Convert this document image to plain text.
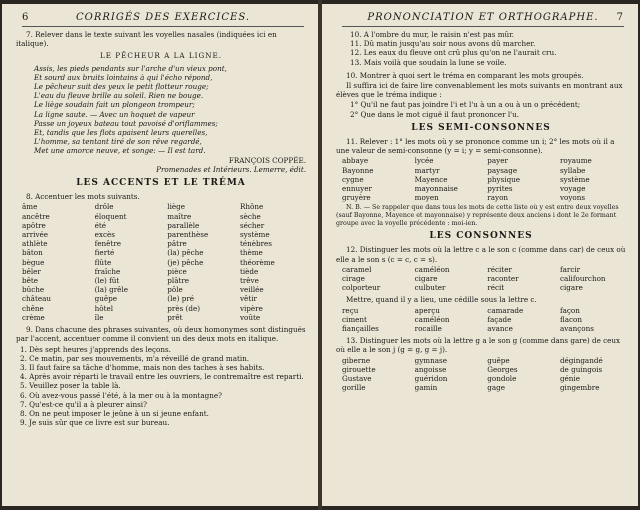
6	CORRIGÉS DES EXERCICES.

7. Relever dans le texte suivant les voyelles nasales (indiquées ici en italique).

LE PÊCHEUR A LA LIGNE.
Assis, les pieds pendants sur l'arche d'un vieux pont,
Et sourd aux bruits lointains à qui l'écho répond,
Le pêcheur suit des yeux le petit flotteur rouge;
L'eau du fleuve brille au soleil. Rien ne bouge.
Le liège soudain fait un plongeon trompeur;
La ligne saute. — Avec un hoquet de vapeur
Passe un joyeux bateau tout pavoisé d'oriflammes;
Et, tandis que les flots apaisent leurs querelles,
L'homme, sa tentant tiré de son rêve regardé,
Met une amorce neuve, et songe: — Il est tard.
FRANÇOIS COPPÉE.
Promenades et Intérieurs. Lemerre, édit.
LES ACCENTS ET LE TRÉMA

8. Accentuer les mots suivants.

âme	drôle	liège	Rhône
ancêtre	éloquent	maître	sèche
apôtre	été	parallèle	sécher
arrivée	excès	parenthèse	système
athlète	fenêtre	pâtre	ténèbres
bâton	fierté	(la) pêche	thème
bègue	flûte	(je) pêche	théorème
bêler	fraîche	pièce	tiède
bête	(le) fût	plâtre	trêve
bûche	(la) grêle	pôle	veillée
château	guêpe	(le) pré	vêtir
chêne	hôtel	près (de)	vipère
crème	île	prêt	voûte

9. Dans chacune des phrases suivantes, où deux homonymes sont distingués par l'accent, accentuer comme il convient un des deux mots en italique.

1. Dès sept heures j'apprends des leçons.
2. Ce matin, par ses mouvements, m'a réveillé de grand matin.
3. Il faut faire sa tâche d'homme, mais non des taches à ses habits.
4. Après avoir réparti le travail entre les ouvriers, le contremaître est reparti.
5. Veuillez poser la table là.
6. Où avez-vous passé l'été, à la mer ou à la montagne?
7. Qu'est-ce qu'il a à pleurer ainsi?
8. On ne peut imposer le jeûne à un si jeune enfant.
9. Je suis sûr que ce livre est sur bureau.
PRONONCIATION ET ORTHOGRAPHE.	7
10. A l'ombre du mur, le raisin n'est pas mûr.
11. Dû matin jusqu'au soir nous avons dû marcher.
12. Les eaux du fleuve ont crû plus qu'on ne l'aurait cru.
13. Mais voilà que soudain la lune se voile.

10. Montrer à quoi sert le tréma en comparant les mots groupés.

Il suffira ici de faire lire convenablement les mots suivants en montrant aux élèves que le tréma indique :

1° Qu'il ne faut pas joindre l'i et l'u à un a ou à un o précédent;
2° Que dans le mot ciguë il faut prononcer l'u.
LES SEMI-CONSONNES

11. Relever : 1° les mots où y se prononce comme un i; 2° les mots où il a une valeur de semi-consonne (y = i; y = semi-consonne).

abbaye	lycée	payer	royaume
Bayonne	martyr	paysage	syllabe
cygne	Mayence	physique	système
ennuyer	mayonnaise	pyrites	voyage
gruyère	moyen	rayon	voyons

N. B. — Se rappeler que dans tous les mots de cette liste où y est entre deux voyelles (sauf Bayonne, Mayence et mayonnaise) y représente deux anciens i dont le 2e formant groupe avec la voyelle précédente : moi-ien.

LES CONSONNES

12. Distinguer les mots où la lettre c a le son c (comme dans car) de ceux où elle a le son s (c = c, c = s).

caramel	caméléon	réciter	farcir
cirage	cigare	raconter	califourchon
colporteur	culbuter	récit	cigare

Mettre, quand il y a lieu, une cédille sous la lettre c.

reçu	aperçu	camarade	façon
ciment	caméléon	façade	flacon
fiançailles	rocaille	avance	avançons

13. Distinguer les mots où la lettre g a le son g (comme dans gare) de ceux où elle a le son j (g = g, g = j).

giberne	gymnase	guêpe	dégingandé
girouette	angoisse	Georges	de guingois
Gustave	guéridon	gondole	génie
gorille	gamin	gage	gingembre
